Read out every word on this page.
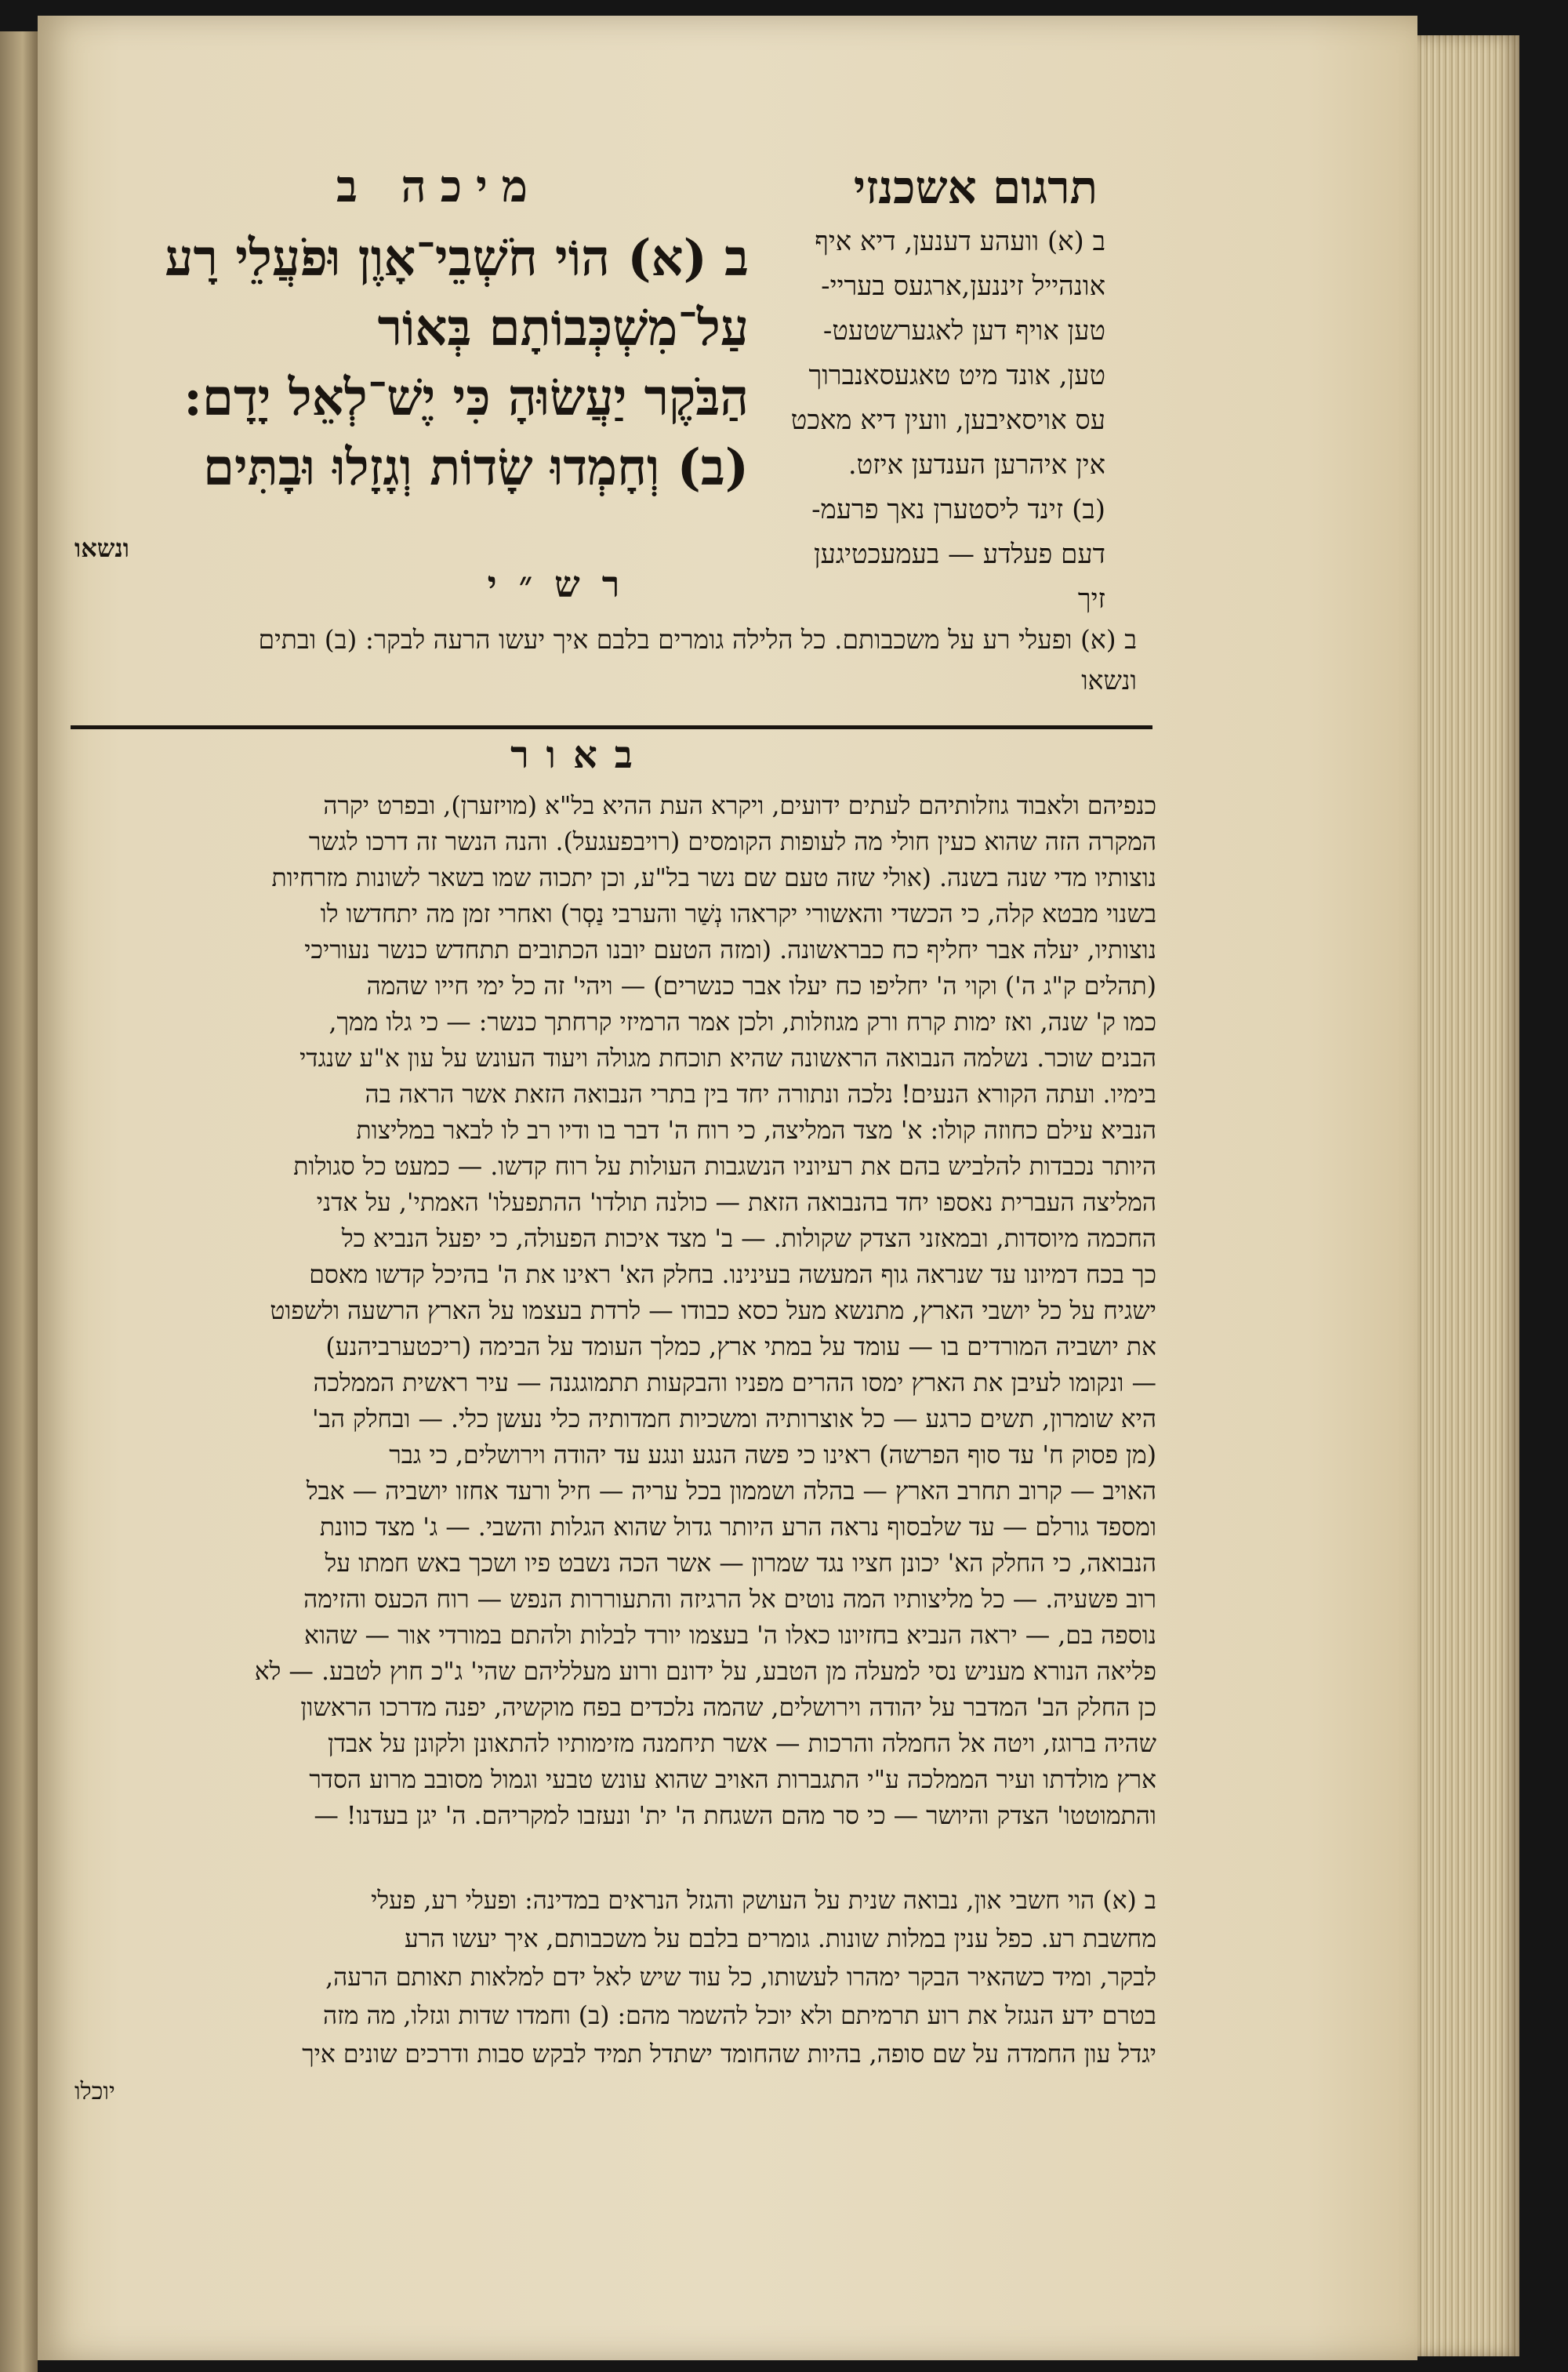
תרגום אשכנזי
מיכה ב

ב (א) וועהע דענען, דיא איף

אונהייל זיננען,ארגעס בעריי-

טען אויף דען לאגערשטעט-

טען, אונד מיט טאגעסאנברוך

עס אויסאיבען, וועין דיא מאכט

אין איהרען הענדען איזט.

(ב) זינד ליסטערן נאך פרעמ-

דעם פעלדע — בעמעכטיגען

זיך

ב (א) הוֹי חֹשְׁבֵי־אָוֶן וּפֹעֲלֵי רָע

עַל־מִשְׁכְּבוֹתָם בְּאוֹר

הַבֹּקֶר יַעֲשׂוּהָ כִּי יֶשׁ־לְאֵל יָדָם:

(ב) וְחָמְדוּ שָׂדוֹת וְגָזָלוּ וּבָתִּים

ונשאו
רש״י

ב (א) ופעלי רע על משכבותם. כל הלילה גומרים בלבם איך יעשו הרעה לבקר: (ב) ובתים

ונשאו

באור

כנפיהם ולאבוד גוזלותיהם לעתים ידועים, ויקרא העת ההיא בל"א (מויזערן), ובפרט יקרה

המקרה הזה שהוא כעין חולי מה לעופות הקומסים (רויבפעגעל). והנה הנשר זה דרכו לגשר

נוצותיו מדי שנה בשנה. (אולי שזה טעם שם נשר בל"ע, וכן יתכוה שמו בשאר לשונות מזרחיות

בשנוי מבטא קלה, כי הכשדי והאשורי יקראהו נְשַׁר והערבי נַסְר) ואחרי זמן מה יתחדשו לו

נוצותיו, יעלה אבר יחליף כח כבראשונה. (ומזה הטעם יובנו הכתובים תתחדש כנשר נעוריכי

(תהלים ק"ג ה') וקוי ה' יחליפו כח יעלו אבר כנשרים) — ויהי' זה כל ימי חייו שהמה

כמו ק' שנה, ואז ימות קרח ורק מגוזלות, ולכן אמר הרמיזי קרחתך כנשר: — כי גלו ממך,

הבנים שוכר. נשלמה הנבואה הראשונה שהיא תוכחת מגולה ויעוד העונש על עון א"ע שנגדי

בימיו. ועתה הקורא הנעים! נלכה ונתורה יחד בין בתרי הנבואה הזאת אשר הראה בה

הנביא עילם כחוזה קולו: א' מצד המליצה, כי רוח ה' דבר בו ודיו רב לו לבאר במליצות

היותר נכבדות להלביש בהם את רעיוניו הנשגבות העולות על רוח קדשו. — כמעט כל סגולות

המליצה העברית נאספו יחד בהנבואה הזאת — כולנה תולדו' ההתפעלו' האמתי', על אדני

החכמה מיוסדות, ובמאזני הצדק שקולות. — ב' מצד איכות הפעולה, כי יפעל הנביא כל

כך בכח דמיונו עד שנראה גוף המעשה בעינינו. בחלק הא' ראינו את ה' בהיכל קדשו מאסם

ישגיח על כל יושבי הארץ, מתנשא מעל כסא כבודו — לרדת בעצמו על הארץ הרשעה ולשפוט

את יושביה המורדים בו — עומד על במתי ארץ, כמלך העומד על הבימה (ריכטערביהנע)

— ונקומו לעיבן את הארץ ימסו ההרים מפניו והבקעות תתמוגגנה — עיר ראשית הממלכה

היא שומרון, תשים כרגע — כל אוצרותיה ומשכיות חמדותיה כלי נעשן כלי. — ובחלק הב'

(מן פסוק ח' עד סוף הפרשה) ראינו כי פשה הנגע ונגע עד יהודה וירושלים, כי גבר

האויב — קרוב תחרב הארץ — בהלה ושממון בכל עריה — חיל ורעד אחזו יושביה — אבל

ומספד גורלם — עד שלבסוף נראה הרע היותר גדול שהוא הגלות והשבי. — ג' מצד כוונת

הנבואה, כי החלק הא' יכונן חציו נגד שמרון — אשר הכה נשבט פיו ושכך באש חמתו על

רוב פשעיה. — כל מליצותיו המה נוטים אל הרגיזה והתעוררות הנפש — רוח הכעס והזימה

נוספה בם, — יראה הנביא בחזיונו כאלו ה' בעצמו יורד לבלות ולהתם במורדי אור — שהוא

פליאה הנורא מעניש נסי למעלה מן הטבע, על ידונם ורוע מעלליהם שהי' ג"כ חוץ לטבע. — לא

כן החלק הב' המדבר על יהודה וירושלים, שהמה נלכדים בפח מוקשיה, יפנה מדרכו הראשון

שהיה ברוגז, ויטה אל החמלה והרכות — אשר תיחמנה מזימותיו להתאונן ולקונן על אבדן

ארץ מולדתו ועיר הממלכה ע"י התגברות האויב שהוא עונש טבעי וגמול מסובב מרוע הסדר

והתמוטטו' הצדק והיושר — כי סר מהם השגחת ה' ית' ונעזבו למקריהם. ה' יגן בעדנו! —

ב (א) הוי חשבי און, נבואה שנית על העושק והגזל הנראים במדינה: ופעלי רע, פעלי

מחשבת רע. כפל ענין במלות שונות. גומרים בלבם על משכבותם, איך יעשו הרע

לבקר, ומיד כשהאיר הבקר ימהרו לעשותו, כל עוד שיש לאל ידם למלאות תאותם הרעה,

בטרם ידע הנגזל את רוע תרמיתם ולא יוכל להשמר מהם: (ב) וחמדו שדות וגזלו, מה מזה

יגדל עון החמדה על שם סופה, בהיות שהחומד ישתדל תמיד לבקש סבות ודרכים שונים איך

יוכלו
